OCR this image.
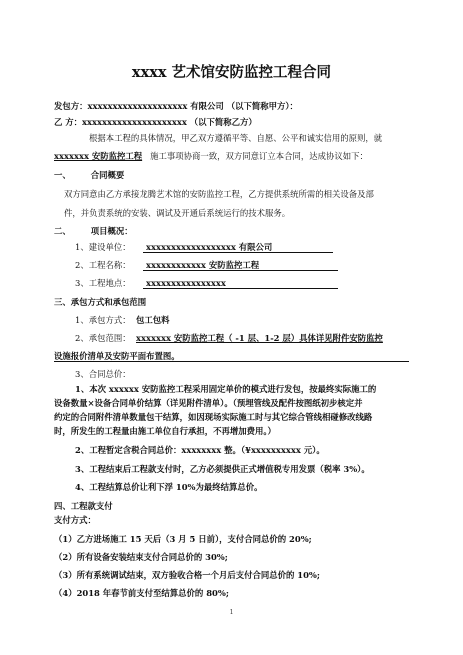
xxxx 艺术馆安防监控工程合同
发包方：xxxxxxxxxxxxxxxxxxxx 有限公司 （以下简称甲方）：
乙 方：xxxxxxxxxxxxxxxxxxxxx （以下简称乙方）
根据本工程的具体情况，甲乙双方遵循平等、自愿、公平和诚实信用的原则，就
xxxxxxx 安防监控工程 施工事项协商一致，双方同意订立本合同，达成协议如下：
一、 合同概要
双方同意由乙方承接龙腾艺术馆的安防监控工程，乙方提供系统所需的相关设备及部
件，并负责系统的安装、调试及开通后系统运行的技术服务。
二、 项目概况：
1、建设单位： xxxxxxxxxxxxxxxxxx 有限公司
2、工程名称： xxxxxxxxxxxx 安防监控工程
3、工程地点： xxxxxxxxxxxxxxxx
三、承包方式和承包范围
1、承包方式： 包工包料
2、承包范围： xxxxxxx 安防监控工程（ -1 层、1-2 层）具体详见附件安防监控
设施报价清单及安防平面布置图。
3、合同总价：
1、本次 xxxxxx 安防监控工程采用固定单价的模式进行发包，按最终实际施工的
设备数量×设备合同单价结算（详见附件清单）。（预埋管线及配件按图纸初步核定并
约定的合同附件清单数量包干结算，如因现场实际施工时与其它综合管线相碰修改线路
时，所发生的工程量由施工单位自行承担，不再增加费用。）
2、工程暂定含税合同总价：xxxxxxxx 整。（¥xxxxxxxxxx 元）。
3、工程结束后工程款支付时，乙方必须提供正式增值税专用发票（税率 3%）。
4、工程结算总价让利下浮 10%为最终结算总价。
四、工程款支付
支付方式：
（1）乙方进场施工 15 天后（3 月 5 日前），支付合同总价的 20%;
（2）所有设备安装结束支付合同总价的 30%;
（3）所有系统调试结束，双方验收合格一个月后支付合同总价的 10%;
（4）2018 年春节前支付至结算总价的 80%;
1
